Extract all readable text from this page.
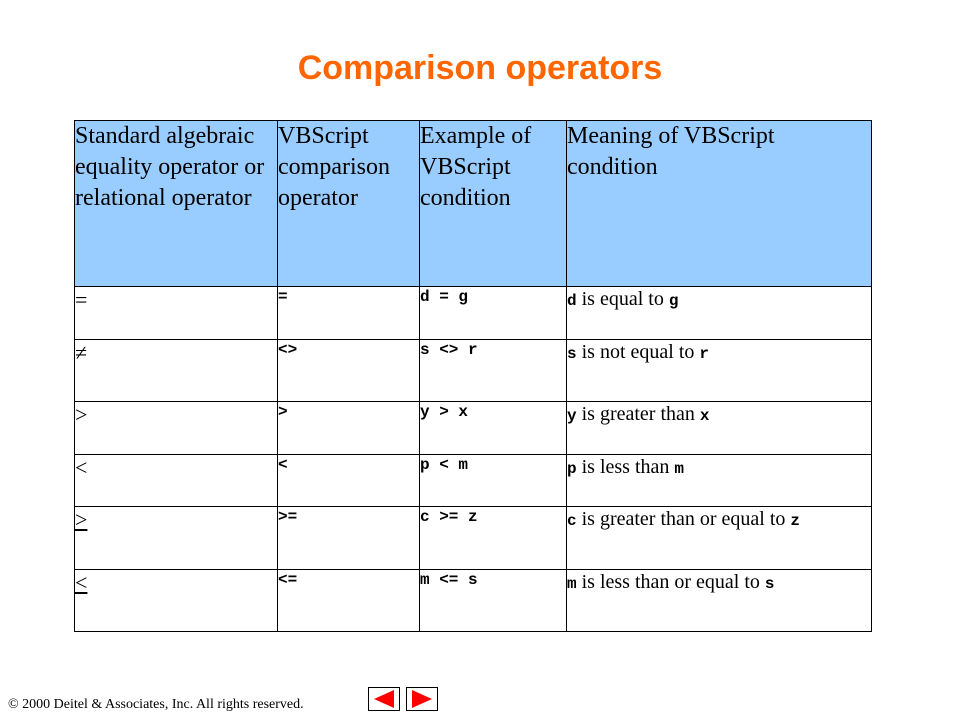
Comparison operators
Standard algebraic equality operator or relational operator	VBScript comparison operator	Example of VBScript condition	Meaning of VBScript condition
=	=	d = g	d is equal to g
≠	<>	s <> r	s is not equal to r
>	>	y > x	y is greater than x
<	<	p < m	p is less than m
>	>=	c >= z	c is greater than or equal to z
<	<=	m <= s	m is less than or equal to s
© 2000 Deitel & Associates, Inc. All rights reserved.
